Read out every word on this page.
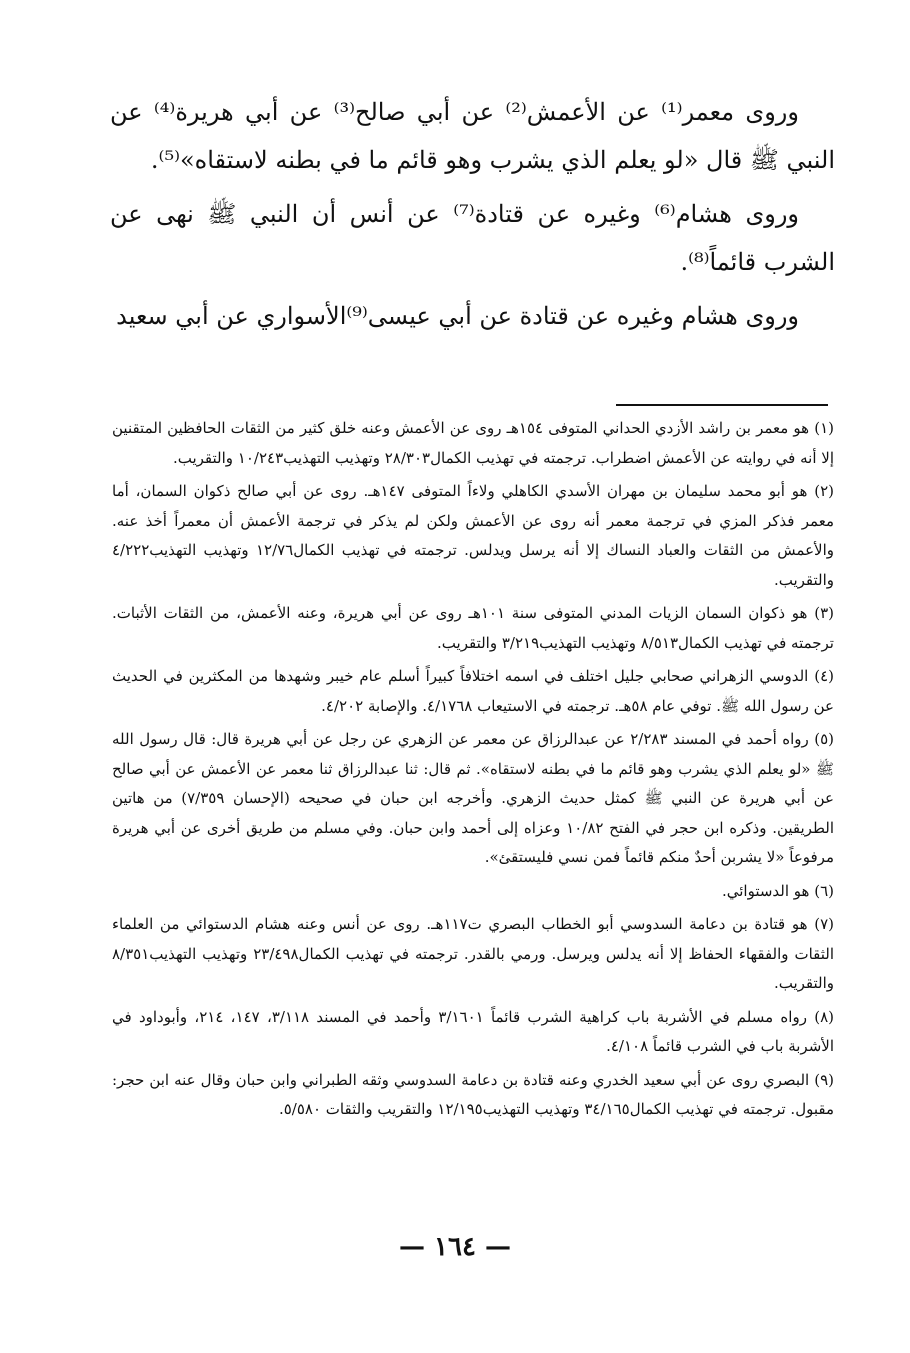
وروى معمر⁽¹⁾ عن الأعمش⁽²⁾ عن أبي صالح⁽³⁾ عن أبي هريرة⁽⁴⁾ عن النبي ﷺ قال «لو يعلم الذي يشرب وهو قائم ما في بطنه لاستقاه»⁽⁵⁾.

وروى هشام⁽⁶⁾ وغيره عن قتادة⁽⁷⁾ عن أنس أن النبي ﷺ نهى عن الشرب قائماً⁽⁸⁾.

وروى هشام وغيره عن قتادة عن أبي عيسى⁽⁹⁾الأسواري عن أبي سعيد

(١) هو معمر بن راشد الأزدي الحداني المتوفى ١٥٤هـ روى عن الأعمش وعنه خلق كثير من الثقات الحافظين المتقنين إلا أنه في روايته عن الأعمش اضطراب. ترجمته في تهذيب الكمال٢٨/٣٠٣ وتهذيب التهذيب١٠/٢٤٣ والتقريب.

(٢) هو أبو محمد سليمان بن مهران الأسدي الكاهلي ولاءاً المتوفى ١٤٧هـ. روى عن أبي صالح ذكوان السمان، أما معمر فذكر المزي في ترجمة معمر أنه روى عن الأعمش ولكن لم يذكر في ترجمة الأعمش أن معمراً أخذ عنه. والأعمش من الثقات والعباد النساك إلا أنه يرسل ويدلس. ترجمته في تهذيب الكمال١٢/٧٦ وتهذيب التهذيب٤/٢٢٢ والتقريب.

(٣) هو ذكوان السمان الزيات المدني المتوفى سنة ١٠١هـ روى عن أبي هريرة، وعنه الأعمش، من الثقات الأثبات. ترجمته في تهذيب الكمال٨/٥١٣ وتهذيب التهذيب٣/٢١٩ والتقريب.

(٤) الدوسي الزهراني صحابي جليل اختلف في اسمه اختلافاً كبيراً أسلم عام خيبر وشهدها من المكثرين في الحديث عن رسول الله ﷺ. توفي عام ٥٨هـ. ترجمته في الاستيعاب ٤/١٧٦٨. والإصابة ٤/٢٠٢.

(٥) رواه أحمد في المسند ٢/٢٨٣ عن عبدالرزاق عن معمر عن الزهري عن رجل عن أبي هريرة قال: قال رسول الله ﷺ «لو يعلم الذي يشرب وهو قائم ما في بطنه لاستقاه». ثم قال: ثنا عبدالرزاق ثنا معمر عن الأعمش عن أبي صالح عن أبي هريرة عن النبي ﷺ كمثل حديث الزهري. وأخرجه ابن حبان في صحيحه (الإحسان ٧/٣٥٩) من هاتين الطريقين. وذكره ابن حجر في الفتح ١٠/٨٢ وعزاه إلى أحمد وابن حبان. وفي مسلم من طريق أخرى عن أبي هريرة مرفوعاً «لا يشربن أحدٌ منكم قائماً فمن نسي فليستقئ».

(٦) هو الدستوائي.

(٧) هو قتادة بن دعامة السدوسي أبو الخطاب البصري ت١١٧هـ. روى عن أنس وعنه هشام الدستوائي من العلماء الثقات والفقهاء الحفاظ إلا أنه يدلس ويرسل. ورمي بالقدر. ترجمته في تهذيب الكمال٢٣/٤٩٨ وتهذيب التهذيب٨/٣٥١ والتقريب.

(٨) رواه مسلم في الأشربة باب كراهية الشرب قائماً ٣/١٦٠١ وأحمد في المسند ٣/١١٨، ١٤٧، ٢١٤، وأبوداود في الأشربة باب في الشرب قائماً ٤/١٠٨.

(٩) البصري روى عن أبي سعيد الخدري وعنه قتادة بن دعامة السدوسي وثقه الطبراني وابن حبان وقال عنه ابن حجر: مقبول. ترجمته في تهذيب الكمال٣٤/١٦٥ وتهذيب التهذيب١٢/١٩٥ والتقريب والثقات ٥/٥٨٠.

— ١٦٤ —
